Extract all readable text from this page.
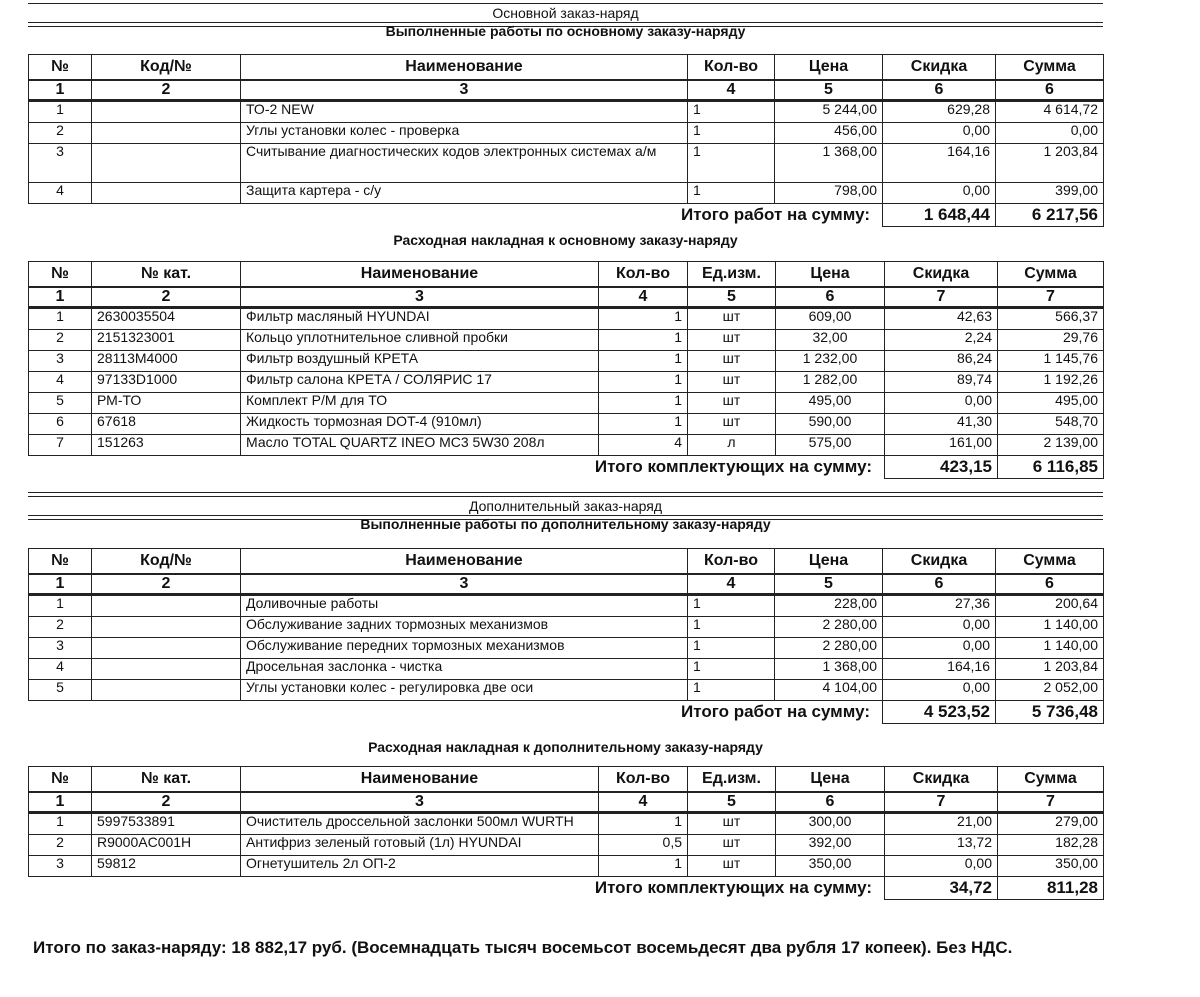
Основной заказ-наряд
Выполненные работы по основному заказу-наряду
№	Код/№	Наименование	Кол-во	Цена	Скидка	Сумма
1	2	3	4	5	6	6
1		ТО-2 NEW	1	5 244,00	629,28	4 614,72
2		Углы установки колес - проверка	1	456,00	0,00	0,00
3		Считывание диагностических кодов электронных системах а/м	1	1 368,00	164,16	1 203,84
4		Защита картера - с/у	1	798,00	0,00	399,00
Итого работ на сумму:					1 648,44	6 217,56
Расходная накладная к основному заказу-наряду
№	№ кат.	Наименование	Кол-во	Ед.изм.	Цена	Скидка	Сумма
1	2	3	4	5	6	7	7
1	2630035504	Фильтр масляный HYUNDAI	1	шт	609,00	42,63	566,37
2	2151323001	Кольцо уплотнительное сливной пробки	1	шт	32,00	2,24	29,76
3	28113M4000	Фильтр воздушный КРЕТА	1	шт	1 232,00	86,24	1 145,76
4	97133D1000	Фильтр салона КРЕТА / СОЛЯРИС 17	1	шт	1 282,00	89,74	1 192,26
5	РМ-ТО	Комплект Р/М для ТО	1	шт	495,00	0,00	495,00
6	67618	Жидкость тормозная DOT-4 (910мл)	1	шт	590,00	41,30	548,70
7	151263	Масло TOTAL QUARTZ INEO MC3 5W30 208л	4	л	575,00	161,00	2 139,00
Итого комплектующих на сумму:						423,15	6 116,85
Дополнительный заказ-наряд
Выполненные работы по дополнительному заказу-наряду
№	Код/№	Наименование	Кол-во	Цена	Скидка	Сумма
1	2	3	4	5	6	6
1		Доливочные работы	1	228,00	27,36	200,64
2		Обслуживание задних тормозных механизмов	1	2 280,00	0,00	1 140,00
3		Обслуживание передних тормозных механизмов	1	2 280,00	0,00	1 140,00
4		Дросельная заслонка - чистка	1	1 368,00	164,16	1 203,84
5		Углы установки колес - регулировка две оси	1	4 104,00	0,00	2 052,00
Итого работ на сумму:					4 523,52	5 736,48
Расходная накладная к дополнительному заказу-наряду
№	№ кат.	Наименование	Кол-во	Ед.изм.	Цена	Скидка	Сумма
1	2	3	4	5	6	7	7
1	5997533891	Очиститель дроссельной заслонки 500мл WURTH	1	шт	300,00	21,00	279,00
2	R9000AC001H	Антифриз зеленый готовый (1л) HYUNDAI	0,5	шт	392,00	13,72	182,28
3	59812	Огнетушитель 2л ОП-2	1	шт	350,00	0,00	350,00
Итого комплектующих на сумму:						34,72	811,28
Итого по заказ-наряду: 18 882,17 руб. (Восемнадцать тысяч восемьсот восемьдесят два рубля 17 копеек). Без НДС.
